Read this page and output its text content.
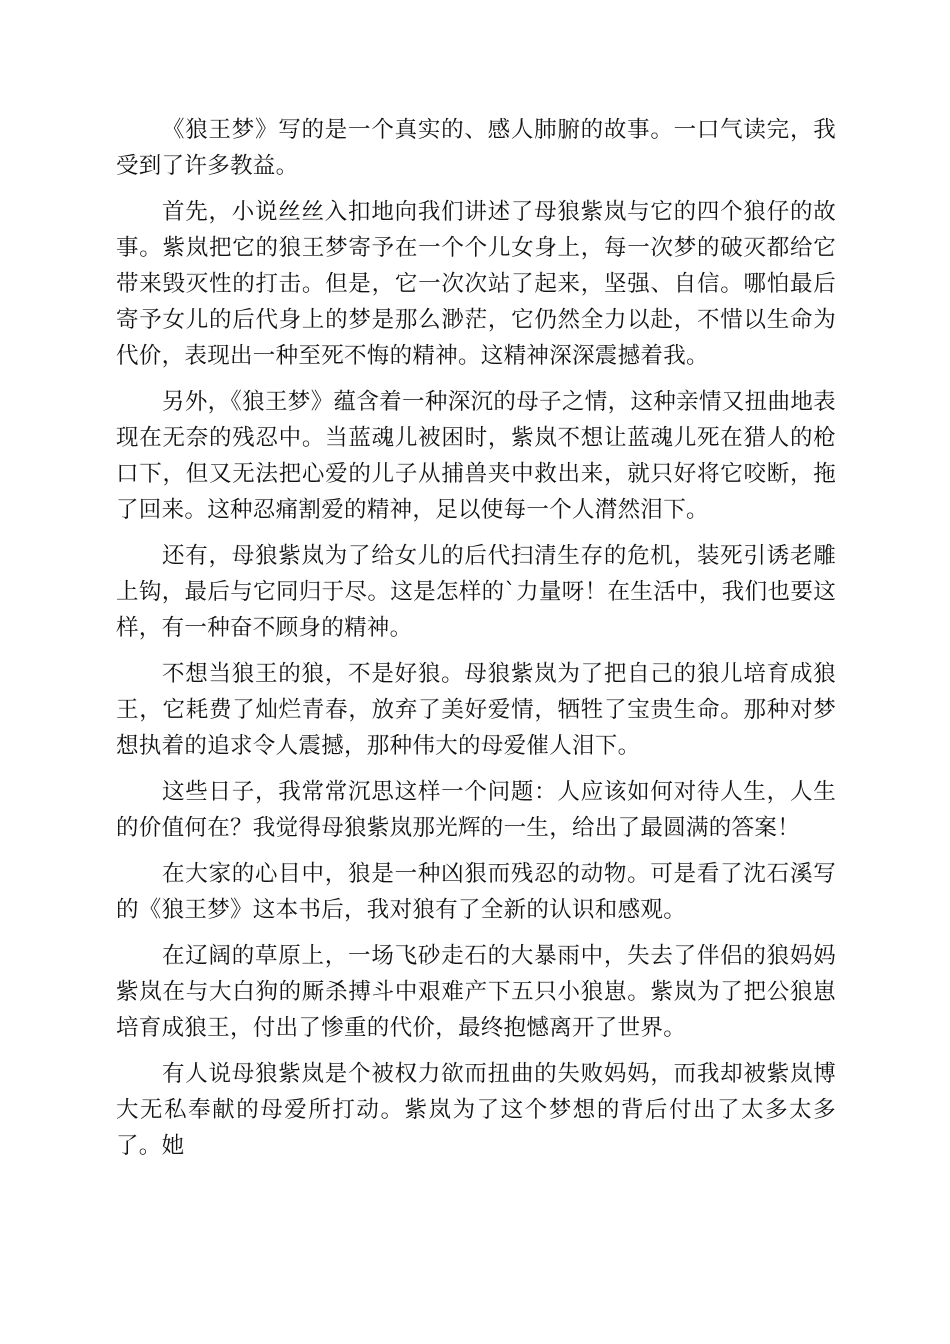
《狼王梦》写的是一个真实的、感人肺腑的故事。一口气读完，我受到了许多教益。

首先，小说丝丝入扣地向我们讲述了母狼紫岚与它的四个狼仔的故事。紫岚把它的狼王梦寄予在一个个儿女身上，每一次梦的破灭都给它带来毁灭性的打击。但是，它一次次站了起来，坚强、自信。哪怕最后寄予女儿的后代身上的梦是那么渺茫，它仍然全力以赴，不惜以生命为代价，表现出一种至死不悔的精神。这精神深深震撼着我。

另外，《狼王梦》蕴含着一种深沉的母子之情，这种亲情又扭曲地表现在无奈的残忍中。当蓝魂儿被困时，紫岚不想让蓝魂儿死在猎人的枪口下，但又无法把心爱的儿子从捕兽夹中救出来，就只好将它咬断，拖了回来。这种忍痛割爱的精神，足以使每一个人潸然泪下。

还有，母狼紫岚为了给女儿的后代扫清生存的危机，装死引诱老雕上钩，最后与它同归于尽。这是怎样的`力量呀！在生活中，我们也要这样，有一种奋不顾身的精神。

不想当狼王的狼，不是好狼。母狼紫岚为了把自己的狼儿培育成狼王，它耗费了灿烂青春，放弃了美好爱情，牺牲了宝贵生命。那种对梦想执着的追求令人震撼，那种伟大的母爱催人泪下。

这些日子，我常常沉思这样一个问题：人应该如何对待人生，人生的价值何在？我觉得母狼紫岚那光辉的一生，给出了最圆满的答案！

在大家的心目中，狼是一种凶狠而残忍的动物。可是看了沈石溪写的《狼王梦》这本书后，我对狼有了全新的认识和感观。

在辽阔的草原上，一场飞砂走石的大暴雨中，失去了伴侣的狼妈妈紫岚在与大白狗的厮杀搏斗中艰难产下五只小狼崽。紫岚为了把公狼崽培育成狼王，付出了惨重的代价，最终抱憾离开了世界。

有人说母狼紫岚是个被权力欲而扭曲的失败妈妈，而我却被紫岚博大无私奉献的母爱所打动。紫岚为了这个梦想的背后付出了太多太多了。她
